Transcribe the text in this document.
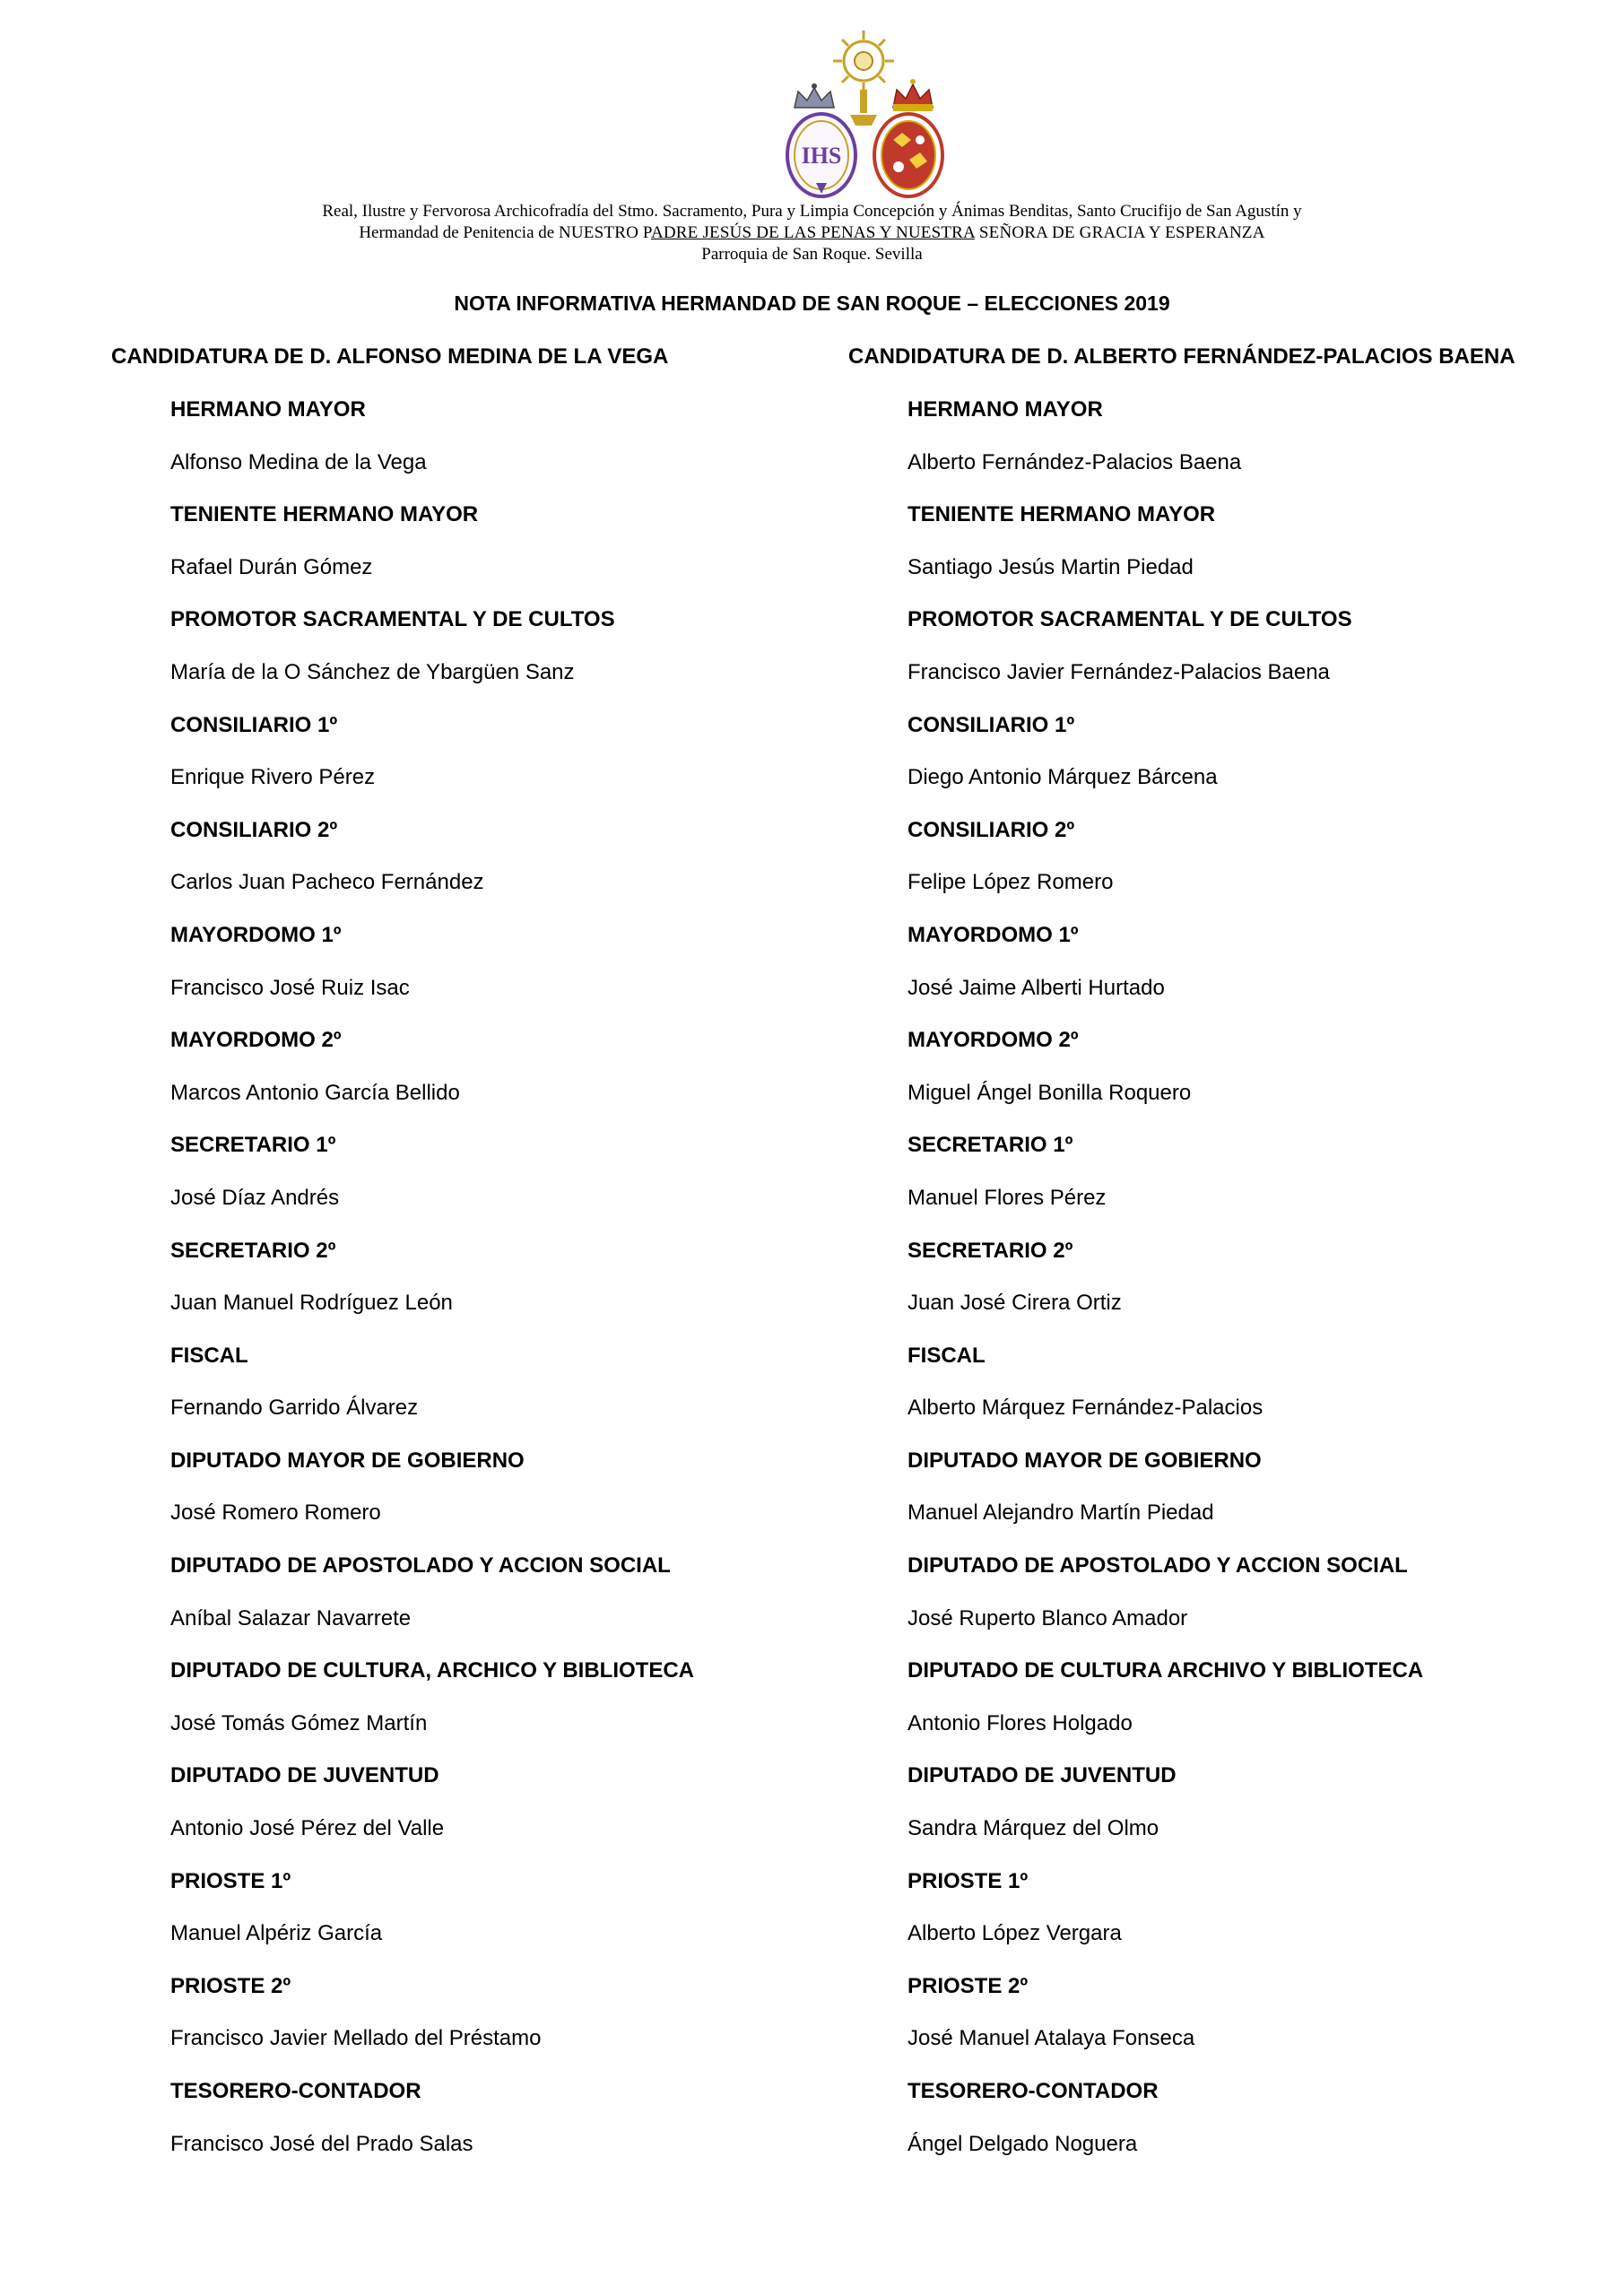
IHS
Real, Ilustre y Fervorosa Archicofradía del Stmo. Sacramento, Pura y Limpia Concepción y Ánimas Benditas, Santo Crucifijo de San Agustín y
Hermandad de Penitencia de NUESTRO PADRE JESÚS DE LAS PENAS Y NUESTRA SEÑORA DE GRACIA Y ESPERANZA
Parroquia de San Roque. Sevilla
NOTA INFORMATIVA HERMANDAD DE SAN ROQUE – ELECCIONES 2019
CANDIDATURA DE D. ALFONSO MEDINA DE LA VEGA
HERMANO MAYOR
Alfonso Medina de la Vega
TENIENTE HERMANO MAYOR
Rafael Durán Gómez
PROMOTOR SACRAMENTAL Y DE CULTOS
María de la O Sánchez de Ybargüen Sanz
CONSILIARIO 1º
Enrique Rivero Pérez
CONSILIARIO 2º
Carlos Juan Pacheco Fernández
MAYORDOMO 1º
Francisco José Ruiz Isac
MAYORDOMO 2º
Marcos Antonio García Bellido
SECRETARIO 1º
José Díaz Andrés
SECRETARIO 2º
Juan Manuel Rodríguez León
FISCAL
Fernando Garrido Álvarez
DIPUTADO MAYOR DE GOBIERNO
José Romero Romero
DIPUTADO DE APOSTOLADO Y ACCION SOCIAL
Aníbal Salazar Navarrete
DIPUTADO DE CULTURA, ARCHICO Y BIBLIOTECA
José Tomás Gómez Martín
DIPUTADO DE JUVENTUD
Antonio José Pérez del Valle
PRIOSTE 1º
Manuel Alpériz García
PRIOSTE 2º
Francisco Javier Mellado del Préstamo
TESORERO-CONTADOR
Francisco José del Prado Salas
CANDIDATURA DE D. ALBERTO FERNÁNDEZ-PALACIOS BAENA
HERMANO MAYOR
Alberto Fernández-Palacios Baena
TENIENTE HERMANO MAYOR
Santiago Jesús Martin Piedad
PROMOTOR SACRAMENTAL Y DE CULTOS
Francisco Javier Fernández-Palacios Baena
CONSILIARIO 1º
Diego Antonio Márquez Bárcena
CONSILIARIO 2º
Felipe López Romero
MAYORDOMO 1º
José Jaime Alberti Hurtado
MAYORDOMO 2º
Miguel Ángel Bonilla Roquero
SECRETARIO 1º
Manuel Flores Pérez
SECRETARIO 2º
Juan José Cirera Ortiz
FISCAL
Alberto Márquez Fernández-Palacios
DIPUTADO MAYOR DE GOBIERNO
Manuel Alejandro Martín Piedad
DIPUTADO DE APOSTOLADO Y ACCION SOCIAL
José Ruperto Blanco Amador
DIPUTADO DE CULTURA ARCHIVO Y BIBLIOTECA
Antonio Flores Holgado
DIPUTADO DE JUVENTUD
Sandra Márquez del Olmo
PRIOSTE 1º
Alberto López Vergara
PRIOSTE 2º
José Manuel Atalaya Fonseca
TESORERO-CONTADOR
Ángel Delgado Noguera
